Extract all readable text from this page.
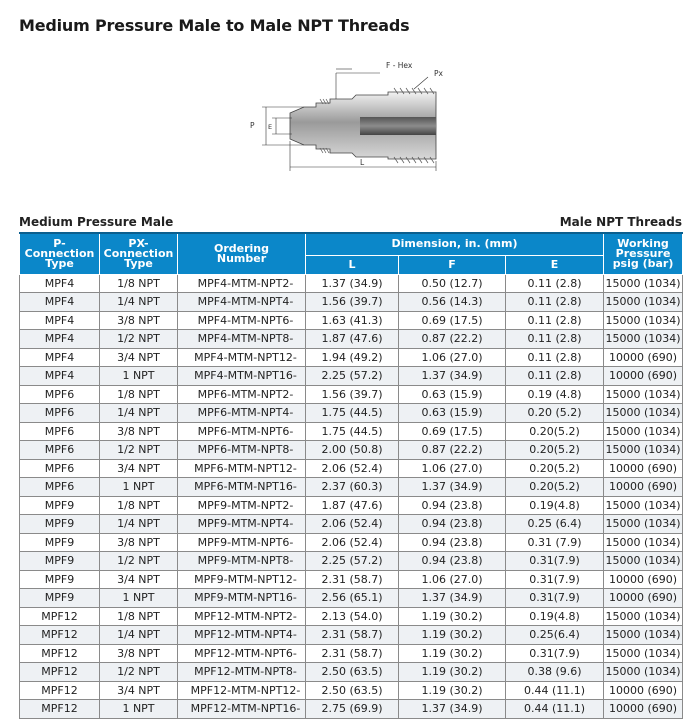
Medium Pressure Male to Male NPT Threads
F - Hex
Px
P E
L
Medium Pressure Male	Male NPT Threads
P-
Connection
Type	PX-
Connection
Type	Ordering
Number	Dimension, in. (mm)			Working
Pressure
psig (bar)
			L	F	E	
MPF4	1/8 NPT	MPF4-MTM-NPT2-	1.37 (34.9)	0.50 (12.7)	0.11 (2.8)	15000 (1034)
MPF4	1/4 NPT	MPF4-MTM-NPT4-	1.56 (39.7)	0.56 (14.3)	0.11 (2.8)	15000 (1034)
MPF4	3/8 NPT	MPF4-MTM-NPT6-	1.63 (41.3)	0.69 (17.5)	0.11 (2.8)	15000 (1034)
MPF4	1/2 NPT	MPF4-MTM-NPT8-	1.87 (47.6)	0.87 (22.2)	0.11 (2.8)	15000 (1034)
MPF4	3/4 NPT	MPF4-MTM-NPT12-	1.94 (49.2)	1.06 (27.0)	0.11 (2.8)	10000 (690)
MPF4	1 NPT	MPF4-MTM-NPT16-	2.25 (57.2)	1.37 (34.9)	0.11 (2.8)	10000 (690)
MPF6	1/8 NPT	MPF6-MTM-NPT2-	1.56 (39.7)	0.63 (15.9)	0.19 (4.8)	15000 (1034)
MPF6	1/4 NPT	MPF6-MTM-NPT4-	1.75 (44.5)	0.63 (15.9)	0.20 (5.2)	15000 (1034)
MPF6	3/8 NPT	MPF6-MTM-NPT6-	1.75 (44.5)	0.69 (17.5)	0.20(5.2)	15000 (1034)
MPF6	1/2 NPT	MPF6-MTM-NPT8-	2.00 (50.8)	0.87 (22.2)	0.20(5.2)	15000 (1034)
MPF6	3/4 NPT	MPF6-MTM-NPT12-	2.06 (52.4)	1.06 (27.0)	0.20(5.2)	10000 (690)
MPF6	1 NPT	MPF6-MTM-NPT16-	2.37 (60.3)	1.37 (34.9)	0.20(5.2)	10000 (690)
MPF9	1/8 NPT	MPF9-MTM-NPT2-	1.87 (47.6)	0.94 (23.8)	0.19(4.8)	15000 (1034)
MPF9	1/4 NPT	MPF9-MTM-NPT4-	2.06 (52.4)	0.94 (23.8)	0.25 (6.4)	15000 (1034)
MPF9	3/8 NPT	MPF9-MTM-NPT6-	2.06 (52.4)	0.94 (23.8)	0.31 (7.9)	15000 (1034)
MPF9	1/2 NPT	MPF9-MTM-NPT8-	2.25 (57.2)	0.94 (23.8)	0.31(7.9)	15000 (1034)
MPF9	3/4 NPT	MPF9-MTM-NPT12-	2.31 (58.7)	1.06 (27.0)	0.31(7.9)	10000 (690)
MPF9	1 NPT	MPF9-MTM-NPT16-	2.56 (65.1)	1.37 (34.9)	0.31(7.9)	10000 (690)
MPF12	1/8 NPT	MPF12-MTM-NPT2-	2.13 (54.0)	1.19 (30.2)	0.19(4.8)	15000 (1034)
MPF12	1/4 NPT	MPF12-MTM-NPT4-	2.31 (58.7)	1.19 (30.2)	0.25(6.4)	15000 (1034)
MPF12	3/8 NPT	MPF12-MTM-NPT6-	2.31 (58.7)	1.19 (30.2)	0.31(7.9)	15000 (1034)
MPF12	1/2 NPT	MPF12-MTM-NPT8-	2.50 (63.5)	1.19 (30.2)	0.38 (9.6)	15000 (1034)
MPF12	3/4 NPT	MPF12-MTM-NPT12-	2.50 (63.5)	1.19 (30.2)	0.44 (11.1)	10000 (690)
MPF12	1 NPT	MPF12-MTM-NPT16-	2.75 (69.9)	1.37 (34.9)	0.44 (11.1)	10000 (690)
